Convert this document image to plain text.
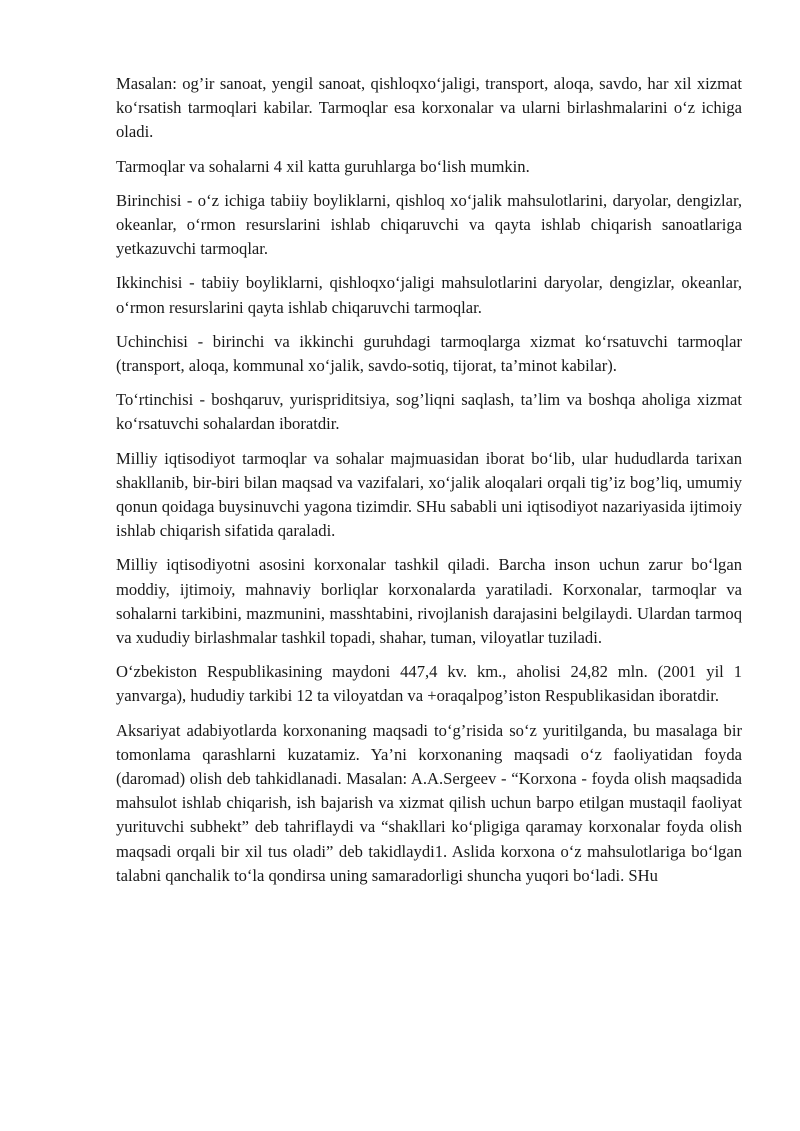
Masalan: og’ir sanoat, yengil sanoat, qishloqxo‘jaligi, transport, aloqa, savdo, har xil xizmat ko‘rsatish tarmoqlari kabilar. Tarmoqlar esa korxonalar va ularni birlashmalarini o‘z ichiga oladi.

Tarmoqlar va sohalarni 4 xil katta guruhlarga bo‘lish mumkin.

Birinchisi - o‘z ichiga tabiiy boyliklarni, qishloq xo‘jalik mahsulotlarini, daryolar, dengizlar, okeanlar, o‘rmon resurslarini ishlab chiqaruvchi va qayta ishlab chiqarish sanoatlariga yetkazuvchi tarmoqlar.

Ikkinchisi - tabiiy boyliklarni, qishloqxo‘jaligi mahsulotlarini daryolar, dengizlar, okeanlar, o‘rmon resurslarini qayta ishlab chiqaruvchi tarmoqlar.

Uchinchisi - birinchi va ikkinchi guruhdagi tarmoqlarga xizmat ko‘rsatuvchi tarmoqlar (transport, aloqa, kommunal xo‘jalik, savdo-sotiq, tijorat, ta’minot kabilar).

To‘rtinchisi - boshqaruv, yurispriditsiya, sog’liqni saqlash, ta’lim va boshqa aholiga xizmat ko‘rsatuvchi sohalardan iboratdir.

Milliy iqtisodiyot tarmoqlar va sohalar majmuasidan iborat bo‘lib, ular hududlarda tarixan shakllanib, bir-biri bilan maqsad va vazifalari, xo‘jalik aloqalari orqali tig’iz bog’liq, umumiy qonun qoidaga buysinuvchi yagona tizimdir. SHu sababli uni iqtisodiyot nazariyasida ijtimoiy ishlab chiqarish sifatida qaraladi.

Milliy iqtisodiyotni asosini korxonalar tashkil qiladi. Barcha inson uchun zarur bo‘lgan moddiy, ijtimoiy, mahnaviy borliqlar korxonalarda yaratiladi. Korxonalar, tarmoqlar va sohalarni tarkibini, mazmunini, masshtabini, rivojlanish darajasini belgilaydi. Ulardan tarmoq va xududiy birlashmalar tashkil topadi, shahar, tuman, viloyatlar tuziladi.

O‘zbekiston Respublikasining maydoni 447,4 kv. km., aholisi 24,82 mln. (2001 yil 1 yanvarga), hududiy tarkibi 12 ta viloyatdan va +oraqalpog’iston Respublikasidan iboratdir.

Aksariyat adabiyotlarda korxonaning maqsadi to‘g’risida so‘z yuritilganda, bu masalaga bir tomonlama qarashlarni kuzatamiz. Ya’ni korxonaning maqsadi o‘z faoliyatidan foyda (daromad) olish deb tahkidlanadi. Masalan: A.A.Sergeev - “Korxona - foyda olish maqsadida mahsulot ishlab chiqarish, ish bajarish va xizmat qilish uchun barpo etilgan mustaqil faoliyat yurituvchi subhekt” deb tahriflaydi va “shakllari ko‘pligiga qaramay korxonalar foyda olish maqsadi orqali bir xil tus oladi” deb takidlaydi1. Aslida korxona o‘z mahsulotlariga bo‘lgan talabni qanchalik to‘la qondirsa uning samaradorligi shuncha yuqori bo‘ladi. SHu
